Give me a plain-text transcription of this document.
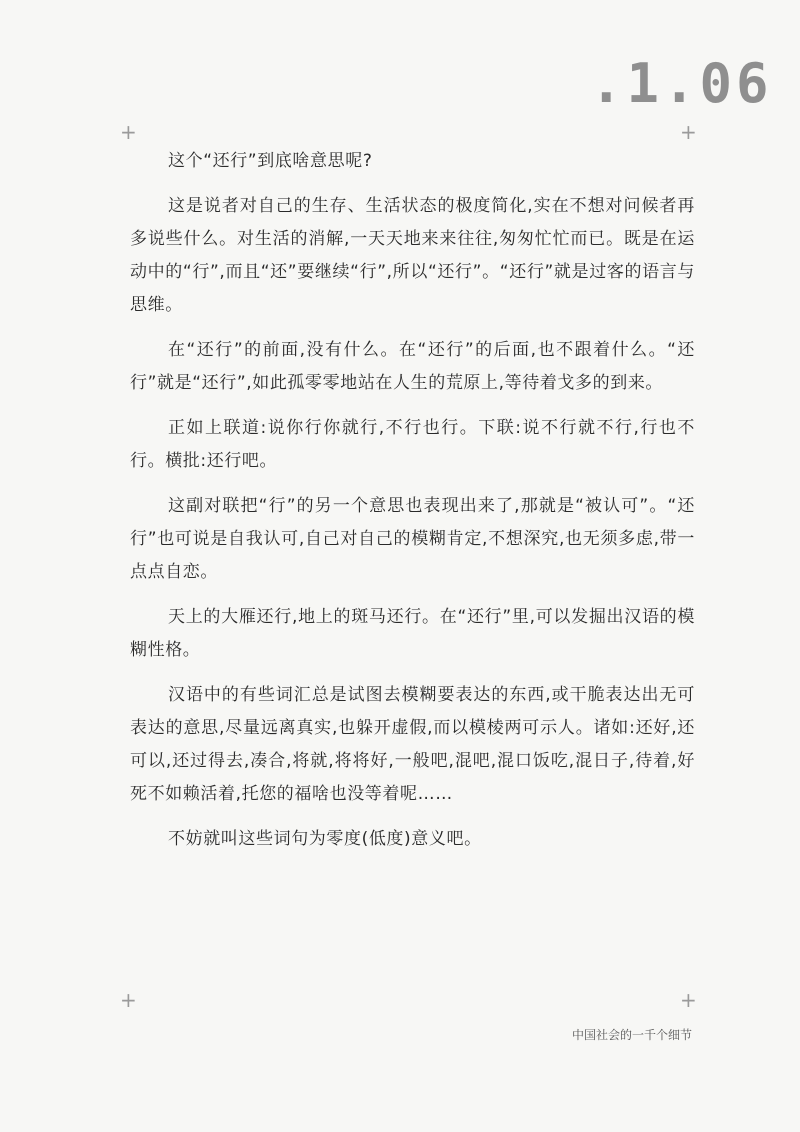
.1.06
+	+
+	+

这个“还行”到底啥意思呢?

这是说者对自己的生存、生活状态的极度简化,实在不想对问候者再多说些什么。对生活的消解,一天天地来来往往,匆匆忙忙而已。既是在运动中的“行”,而且“还”要继续“行”,所以“还行”。“还行”就是过客的语言与思维。

在“还行”的前面,没有什么。在“还行”的后面,也不跟着什么。“还行”就是“还行”,如此孤零零地站在人生的荒原上,等待着戈多的到来。

正如上联道:说你行你就行,不行也行。下联:说不行就不行,行也不行。横批:还行吧。

这副对联把“行”的另一个意思也表现出来了,那就是“被认可”。“还行”也可说是自我认可,自己对自己的模糊肯定,不想深究,也无须多虑,带一点点自恋。

天上的大雁还行,地上的斑马还行。在“还行”里,可以发掘出汉语的模糊性格。

汉语中的有些词汇总是试图去模糊要表达的东西,或干脆表达出无可表达的意思,尽量远离真实,也躲开虚假,而以模棱两可示人。诸如:还好,还可以,还过得去,凑合,将就,将将好,一般吧,混吧,混口饭吃,混日子,待着,好死不如赖活着,托您的福啥也没等着呢……

不妨就叫这些词句为零度(低度)意义吧。

中国社会的一千个细节
